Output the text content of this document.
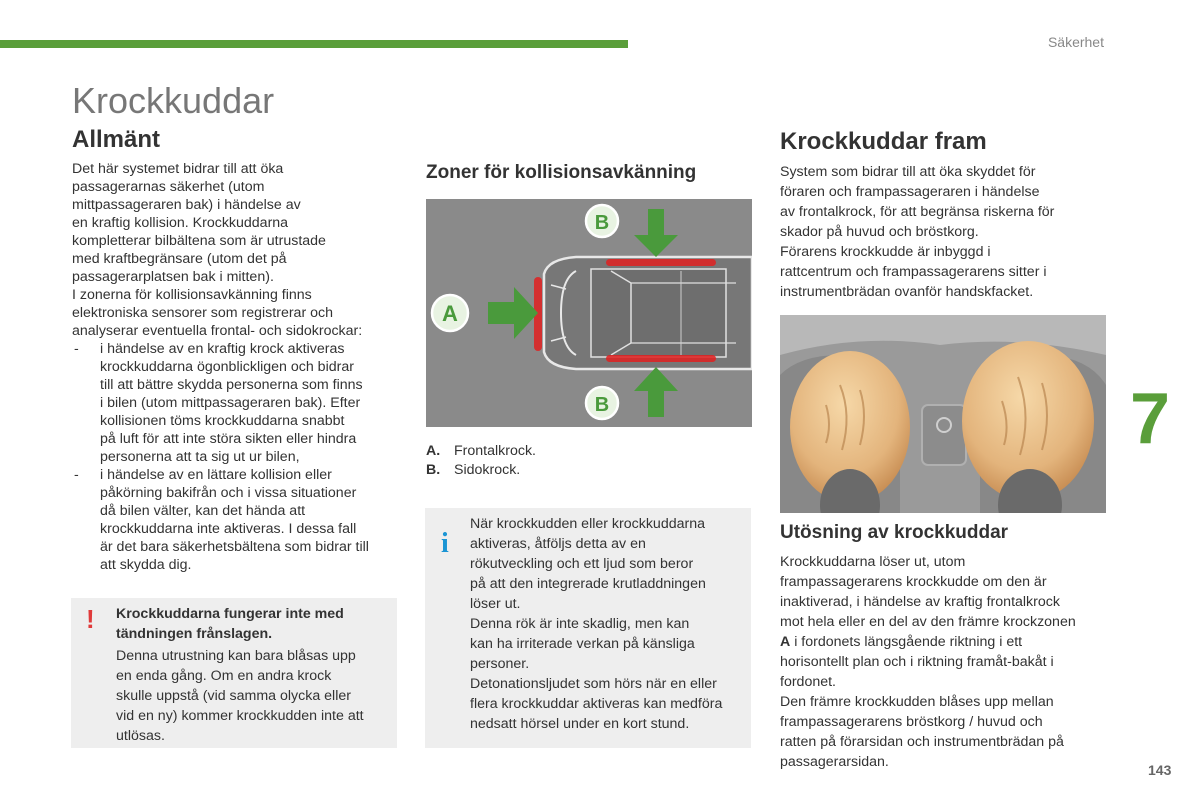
Säkerhet
Krockkuddar
Allmänt
Det här systemet bidrar till att öka
passagerarnas säkerhet (utom
mittpassageraren bak) i händelse av
en kraftig kollision. Krockkuddarna
kompletterar bilbältena som är utrustade
med kraftbegränsare (utom det på
passagerarplatsen bak i mitten).
I zonerna för kollisionsavkänning finns
elektroniska sensorer som registrerar och
analyserar eventuella frontal- och sidokrockar:
- i händelse av en kraftig krock aktiveras
krockkuddarna ögonblickligen och bidrar
till att bättre skydda personerna som finns
i bilen (utom mittpassageraren bak). Efter
kollisionen töms krockkuddarna snabbt
på luft för att inte störa sikten eller hindra
personerna att ta sig ut ur bilen,
- i händelse av en lättare kollision eller
påkörning bakifrån och i vissa situationer
då bilen välter, kan det hända att
krockkuddarna inte aktiveras. I dessa fall
är det bara säkerhetsbältena som bidrar till
att skydda dig.
! Krockkuddarna fungerar inte med
tändningen frånslagen.
Denna utrustning kan bara blåsas upp
en enda gång. Om en andra krock
skulle uppstå (vid samma olycka eller
vid en ny) kommer krockkudden inte att
utlösas.
Zoner för kollisionsavkänning
A
B
B
A. Frontalkrock.
B. Sidokrock.
i
När krockkudden eller krockkuddarna
aktiveras, åtföljs detta av en
rökutveckling och ett ljud som beror
på att den integrerade krutladdningen
löser ut.
Denna rök är inte skadlig, men kan
kan ha irriterade verkan på känsliga
personer.
Detonationsljudet som hörs när en eller
flera krockkuddar aktiveras kan medföra
nedsatt hörsel under en kort stund.
Krockkuddar fram
System som bidrar till att öka skyddet för
föraren och frampassageraren i händelse
av frontalkrock, för att begränsa riskerna för
skador på huvud och bröstkorg.
Förarens krockkudde är inbyggd i
rattcentrum och frampassagerarens sitter i
instrumentbrädan ovanför handskfacket.
Utösning av krockkuddar
Krockkuddarna löser ut, utom
frampassagerarens krockkudde om den är
inaktiverad, i händelse av kraftig frontalkrock
mot hela eller en del av den främre krockzonen
A i fordonets längsgående riktning i ett
horisontellt plan och i riktning framåt-bakåt i
fordonet.
Den främre krockkudden blåses upp mellan
frampassagerarens bröstkorg / huvud och
ratten på förarsidan och instrumentbrädan på
passagerarsidan.
7
143
